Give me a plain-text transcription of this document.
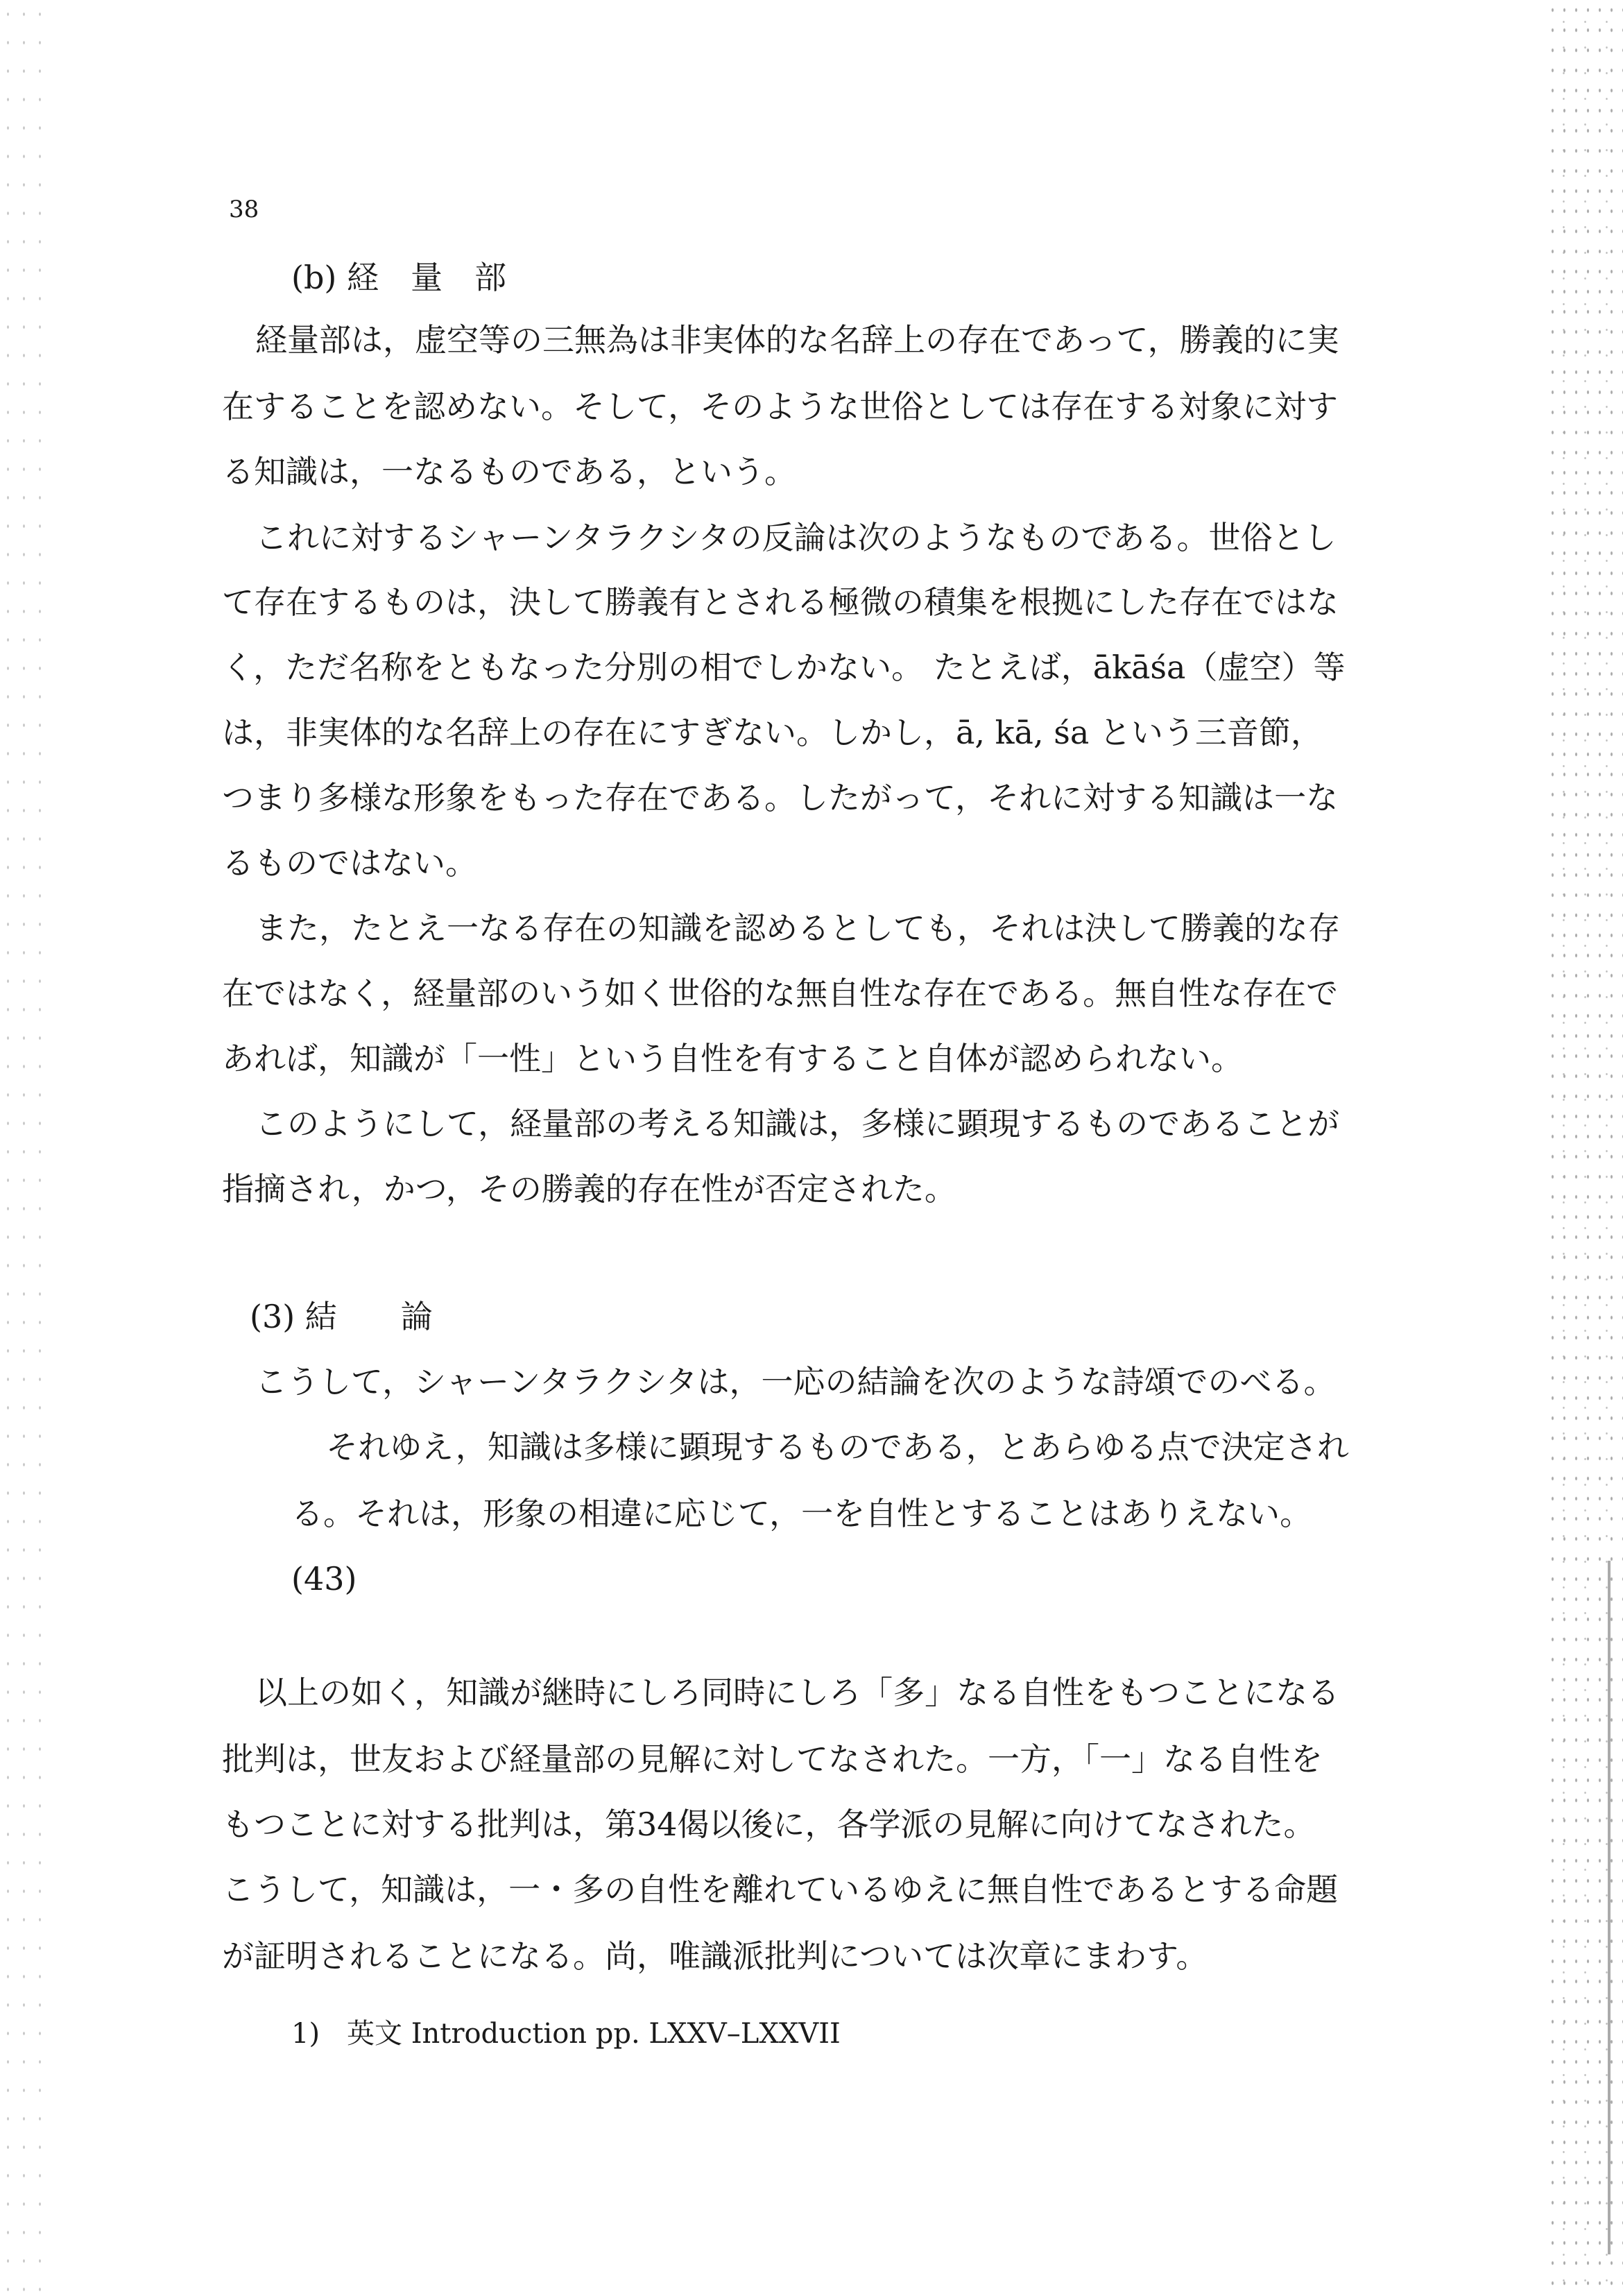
38
(b) 経　量　部
経量部は，虚空等の三無為は非実体的な名辞上の存在であって，勝義的に実
在することを認めない。そして，そのような世俗としては存在する対象に対す
る知識は，一なるものである，という。
これに対するシャーンタラクシタの反論は次のようなものである。世俗とし
て存在するものは，決して勝義有とされる極微の積集を根拠にした存在ではな
く，ただ名称をともなった分別の相でしかない。 たとえば，ākāśa（虚空）等
は，非実体的な名辞上の存在にすぎない。しかし，ā, kā, śa という三音節，
つまり多様な形象をもった存在である。したがって，それに対する知識は一な
るものではない。
また，たとえ一なる存在の知識を認めるとしても，それは決して勝義的な存
在ではなく，経量部のいう如く世俗的な無自性な存在である。無自性な存在で
あれば，知識が「一性」という自性を有すること自体が認められない。
このようにして，経量部の考える知識は，多様に顕現するものであることが
指摘され，かつ，その勝義的存在性が否定された。
(3) 結　　論
こうして，シャーンタラクシタは，一応の結論を次のような詩頌でのべる。
それゆえ，知識は多様に顕現するものである，とあらゆる点で決定され
る。それは，形象の相違に応じて，一を自性とすることはありえない。
(43)
以上の如く，知識が継時にしろ同時にしろ「多」なる自性をもつことになる
批判は，世友および経量部の見解に対してなされた。一方，「一」なる自性を
もつことに対する批判は，第34偈以後に，各学派の見解に向けてなされた。
こうして，知識は，一・多の自性を離れているゆえに無自性であるとする命題
が証明されることになる。尚，唯識派批判については次章にまわす。
1) 英文 Introduction pp. LXXV–LXXVII
